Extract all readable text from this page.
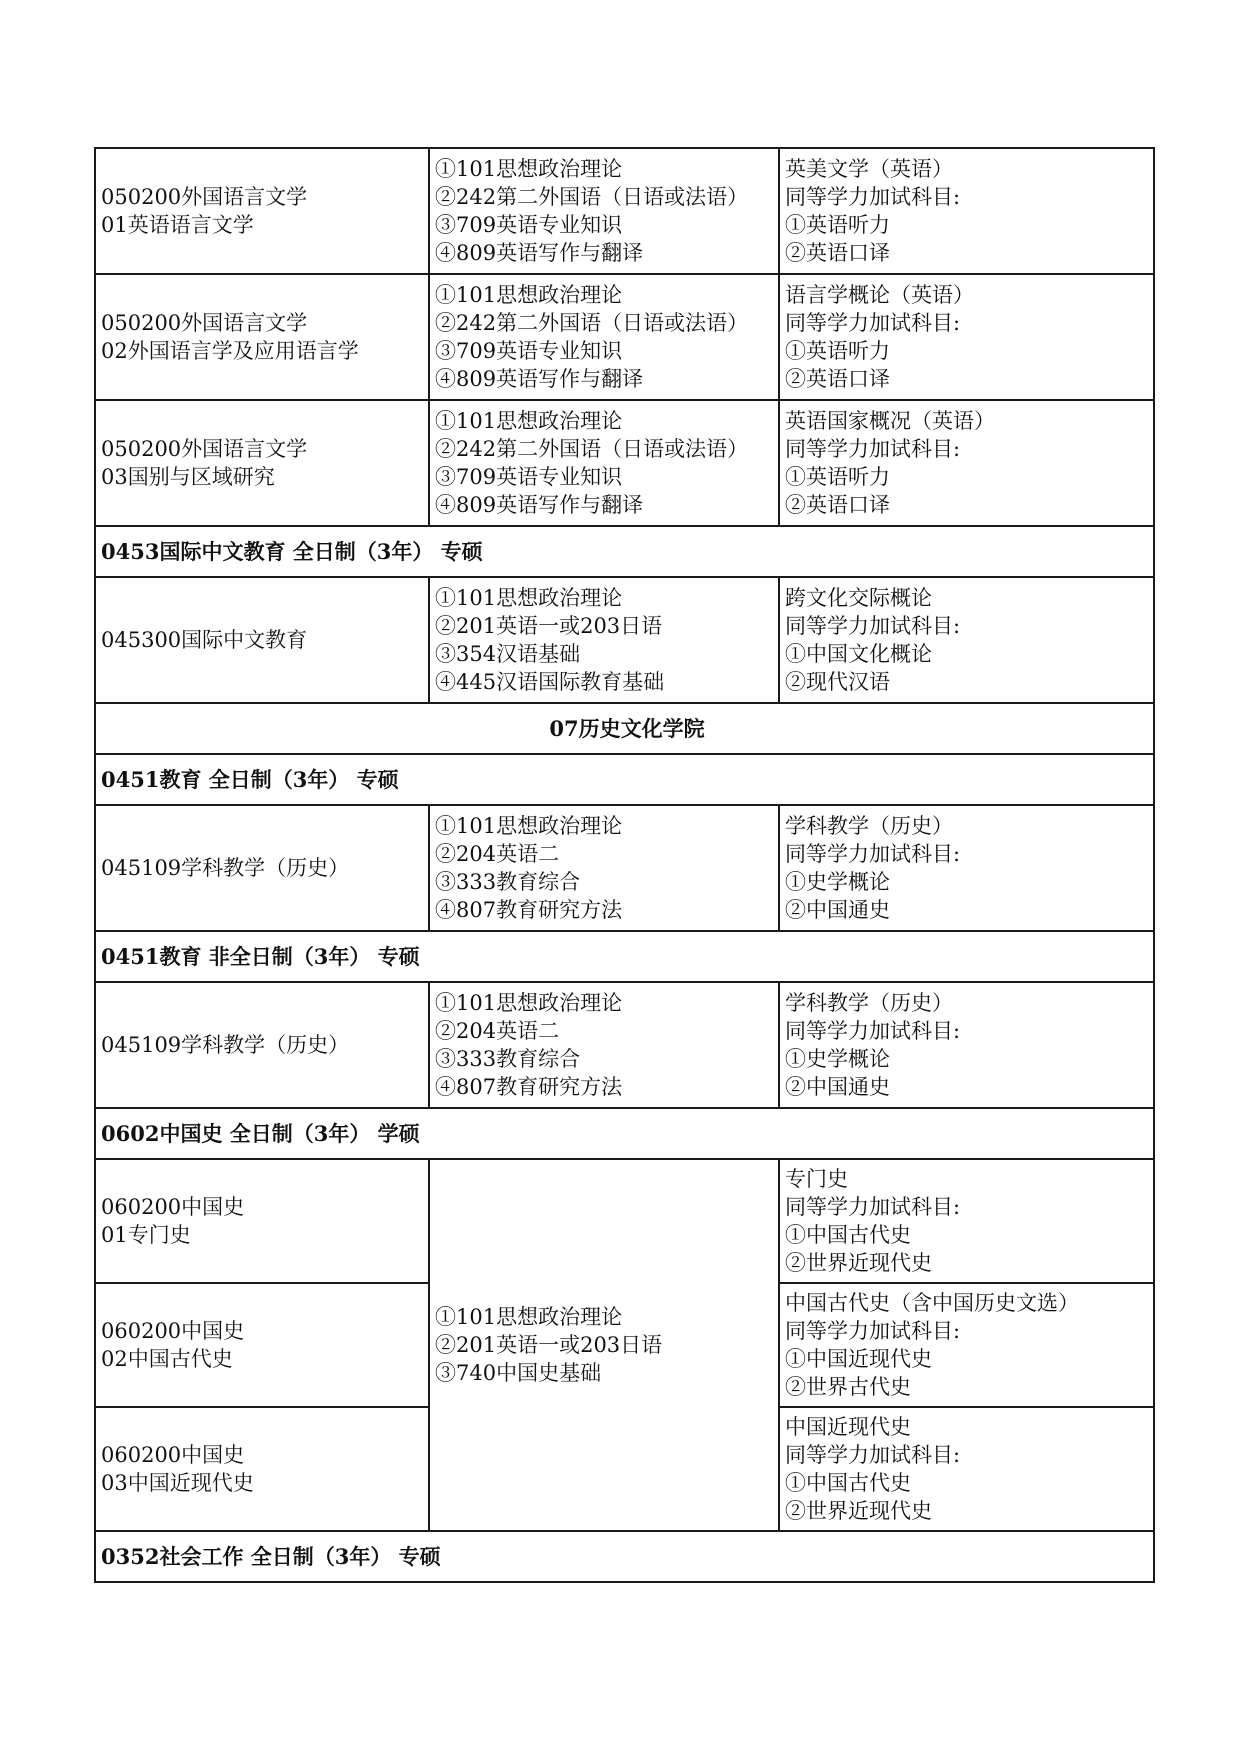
050200外国语言文学
01英语语言文学	①101思想政治理论
②242第二外国语（日语或法语）
③709英语专业知识
④809英语写作与翻译	英美文学（英语）
同等学力加试科目:
①英语听力
②英语口译

050200外国语言文学
02外国语言学及应用语言学	①101思想政治理论
②242第二外国语（日语或法语）
③709英语专业知识
④809英语写作与翻译	语言学概论（英语）
同等学力加试科目:
①英语听力
②英语口译

050200外国语言文学
03国别与区域研究	①101思想政治理论
②242第二外国语（日语或法语）
③709英语专业知识
④809英语写作与翻译	英语国家概况（英语）
同等学力加试科目:
①英语听力
②英语口译

0453国际中文教育 全日制（3年） 专硕		

045300国际中文教育	①101思想政治理论
②201英语一或203日语
③354汉语基础
④445汉语国际教育基础	跨文化交际概论
同等学力加试科目:
①中国文化概论
②现代汉语

07历史文化学院		
0451教育 全日制（3年） 专硕		

045109学科教学（历史）	①101思想政治理论
②204英语二
③333教育综合
④807教育研究方法	学科教学（历史）
同等学力加试科目:
①史学概论
②中国通史

0451教育 非全日制（3年） 专硕		

045109学科教学（历史）	①101思想政治理论
②204英语二
③333教育综合
④807教育研究方法	学科教学（历史）
同等学力加试科目:
①史学概论
②中国通史

0602中国史 全日制（3年） 学硕		

060200中国史
01专门史	①101思想政治理论
②201英语一或203日语
③740中国史基础	专门史
同等学力加试科目:
①中国古代史
②世界近现代史

060200中国史
02中国古代史		中国古代史（含中国历史文选）
同等学力加试科目:
①中国近现代史
②世界古代史

060200中国史
03中国近现代史		中国近现代史
同等学力加试科目:
①中国古代史
②世界近现代史

0352社会工作 全日制（3年） 专硕		
